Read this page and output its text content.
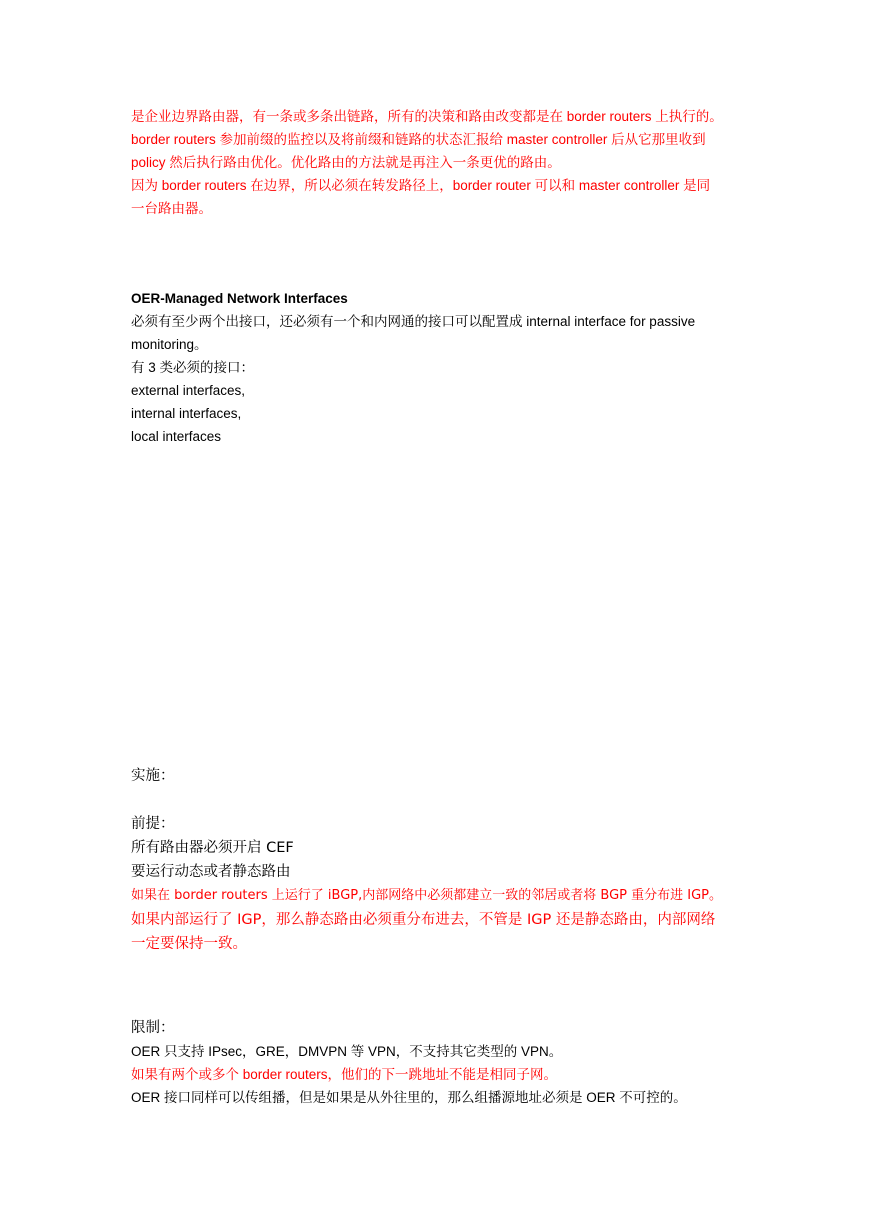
是企业边界路由器，有一条或多条出链路，所有的决策和路由改变都是在 border routers 上执行的。
border routers 参加前缀的监控以及将前缀和链路的状态汇报给 master controller 后从它那里收到
policy 然后执行路由优化。优化路由的方法就是再注入一条更优的路由。
因为 border routers 在边界，所以必须在转发路径上，border router 可以和 master controller 是同
一台路由器。
OER-Managed Network Interfaces
必须有至少两个出接口，还必须有一个和内网通的接口可以配置成 internal interface for passive
monitoring。
有 3 类必须的接口：
external interfaces,
internal interfaces,
local interfaces
实施：

前提：
所有路由器必须开启 CEF
要运行动态或者静态路由
如果在 border routers 上运行了 iBGP,内部网络中必须都建立一致的邻居或者将 BGP 重分布进 IGP。
如果内部运行了 IGP，那么静态路由必须重分布进去，不管是 IGP 还是静态路由，内部网络
一定要保持一致。
限制：
OER 只支持 IPsec，GRE，DMVPN 等 VPN，不支持其它类型的 VPN。
如果有两个或多个 border routers，他们的下一跳地址不能是相同子网。
OER 接口同样可以传组播，但是如果是从外往里的，那么组播源地址必须是 OER 不可控的。
